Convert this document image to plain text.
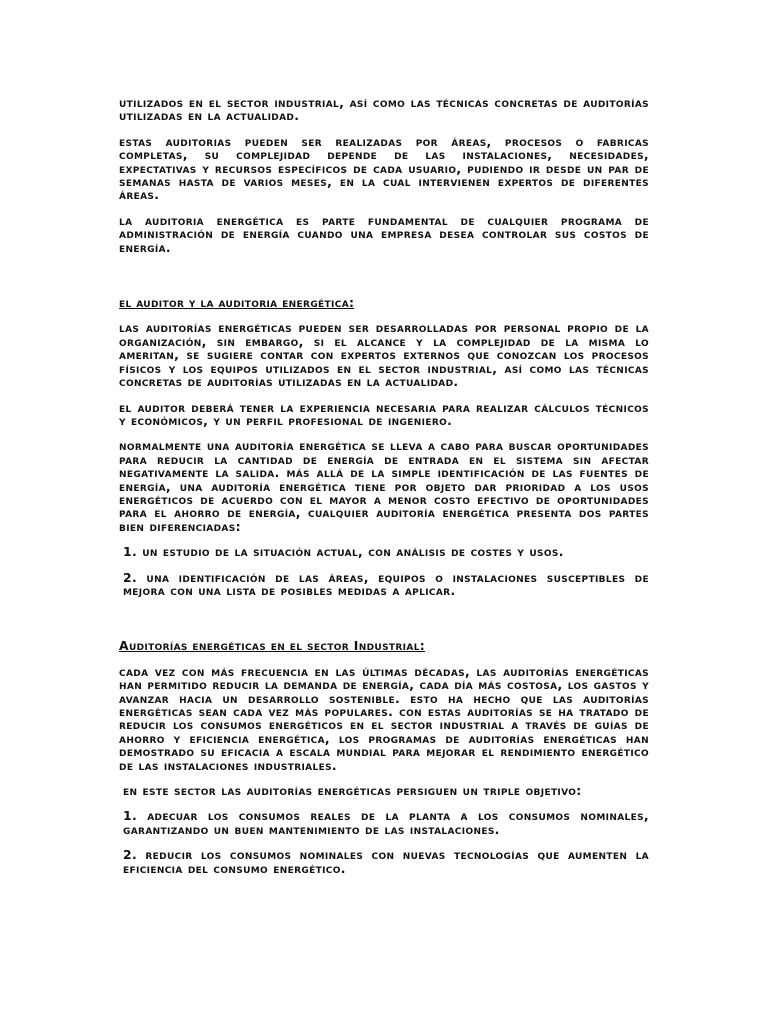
utilizados en el sector industrial, así como las técnicas concretas de auditorías utilizadas en la actualidad.

estas auditorias pueden ser realizadas por áreas, procesos o fabricas completas, su complejidad depende de las instalaciones, necesidades, expectativas y recursos específicos de cada usuario, pudiendo ir desde un par de semanas hasta de varios meses, en la cual intervienen expertos de diferentes áreas.

la auditoria energética es parte fundamental de cualquier programa de administración de energía cuando una empresa desea controlar sus costos de energía.

el auditor y la auditoria energética:

las auditorías energéticas pueden ser desarrolladas por personal propio de la organización, sin embargo, si el alcance y la complejidad de la misma lo ameritan, se sugiere contar con expertos externos que conozcan los procesos físicos y los equipos utilizados en el sector industrial, así como las técnicas concretas de auditorías utilizadas en la actualidad.

el auditor deberá tener la experiencia necesaria para realizar cálculos técnicos y económicos, y un perfil profesional de ingeniero.

normalmente una auditoría energética se lleva a cabo para buscar oportunidades para reducir la cantidad de energía de entrada en el sistema sin afectar negativamente la salida. más allá de la simple identificación de las fuentes de energía, una auditoría energética tiene por objeto dar prioridad a los usos energéticos de acuerdo con el mayor a menor costo efectivo de oportunidades para el ahorro de energía, cualquier auditoría energética presenta dos partes bien diferenciadas:

1. un estudio de la situación actual, con análisis de costes y usos.

2. una identificación de las áreas, equipos o instalaciones susceptibles de mejora con una lista de posibles medidas a aplicar.

Auditorías energéticas en el sector Industrial:

cada vez con más frecuencia en las últimas décadas, las auditorías energéticas han permitido reducir la demanda de energía, cada día más costosa, los gastos y avanzar hacia un desarrollo sostenible. esto ha hecho que las auditorías energéticas sean cada vez más populares. con estas auditorías se ha tratado de reducir los consumos energéticos en el sector industrial a través de guías de ahorro y eficiencia energética, los programas de auditorías energéticas han demostrado su eficacia a escala mundial para mejorar el rendimiento energético de las instalaciones industriales.

en este sector las auditorías energéticas persiguen un triple objetivo:

1. adecuar los consumos reales de la planta a los consumos nominales, garantizando un buen mantenimiento de las instalaciones.

2. reducir los consumos nominales con nuevas tecnologías que aumenten la eficiencia del consumo energético.
